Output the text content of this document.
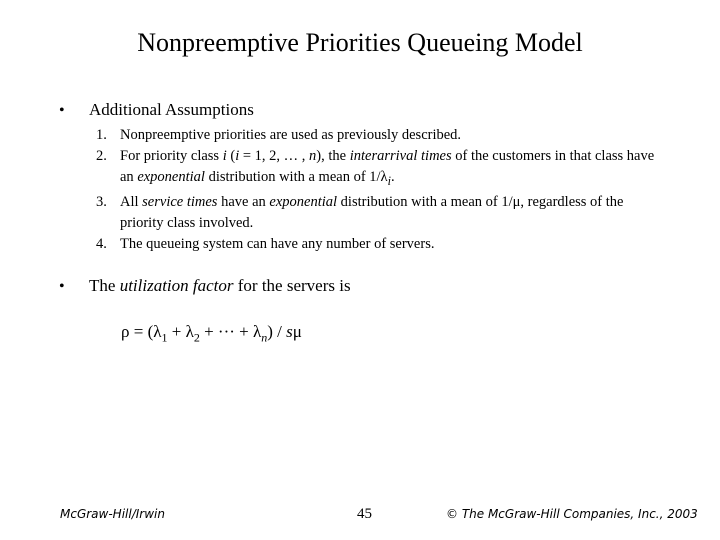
Nonpreemptive Priorities Queueing Model
• Additional Assumptions
1. Nonpreemptive priorities are used as previously described.
2. For priority class i (i = 1, 2, … , n), the interarrival times of the customers in that class have an exponential distribution with a mean of $1/\lambda_i$.
3. All service times have an exponential distribution with a mean of 1/μ, regardless of the priority class involved.
4. The queueing system can have any number of servers.
• The utilization factor for the servers is
$\rho = (\lambda_1 + \lambda_2$ + ··· + $\lambda_n$) / sμ
McGraw-Hill/Irwin	45	© The McGraw-Hill Companies, Inc., 2003
